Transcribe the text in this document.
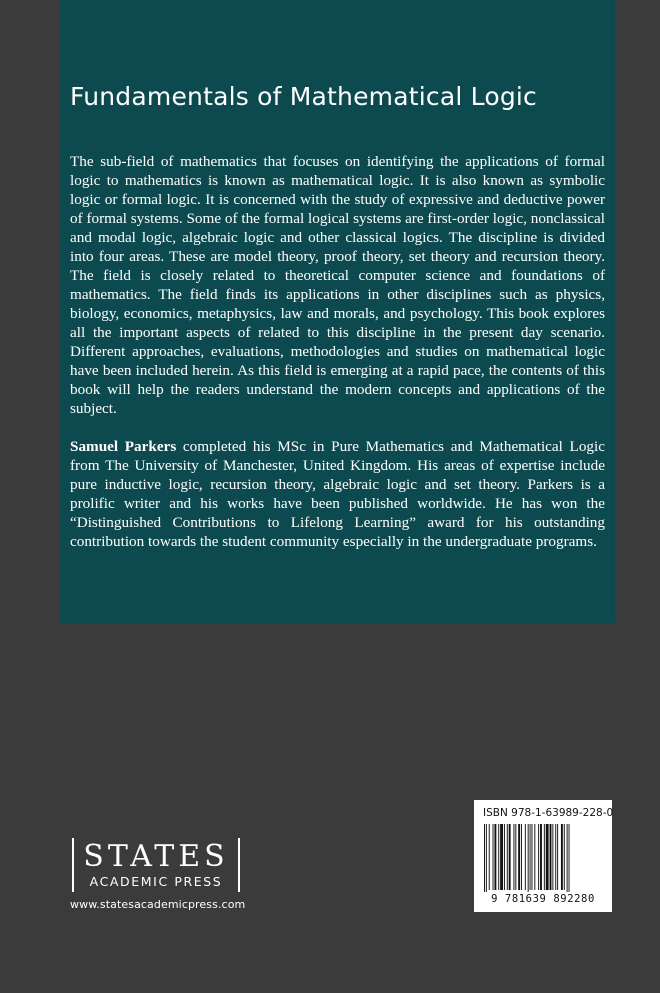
Fundamentals of Mathematical Logic

The sub-field of mathematics that focuses on identifying the applications of formal logic to mathematics is known as mathematical logic. It is also known as symbolic logic or formal logic. It is concerned with the study of expressive and deductive power of formal systems. Some of the formal logical systems are first-order logic, nonclassical and modal logic, algebraic logic and other classical logics. The discipline is divided into four areas. These are model theory, proof theory, set theory and recursion theory. The field is closely related to theoretical computer science and foundations of mathematics. The field finds its applications in other disciplines such as physics, biology, economics, metaphysics, law and morals, and psychology. This book explores all the important aspects of related to this discipline in the present day scenario. Different approaches, evaluations, methodologies and studies on mathematical logic have been included herein. As this field is emerging at a rapid pace, the contents of this book will help the readers understand the modern concepts and applications of the subject.

Samuel Parkers completed his MSc in Pure Mathematics and Mathematical Logic from The University of Manchester, United Kingdom. His areas of expertise include pure inductive logic, recursion theory, algebraic logic and set theory. Parkers is a prolific writer and his works have been published worldwide. He has won the “Distinguished Contributions to Lifelong Learning” award for his outstanding contribution towards the student community especially in the undergraduate programs.

STATES
ACADEMIC PRESS
www.statesacademicpress.com
ISBN 978-1-63989-228-0
9 781639 892280
